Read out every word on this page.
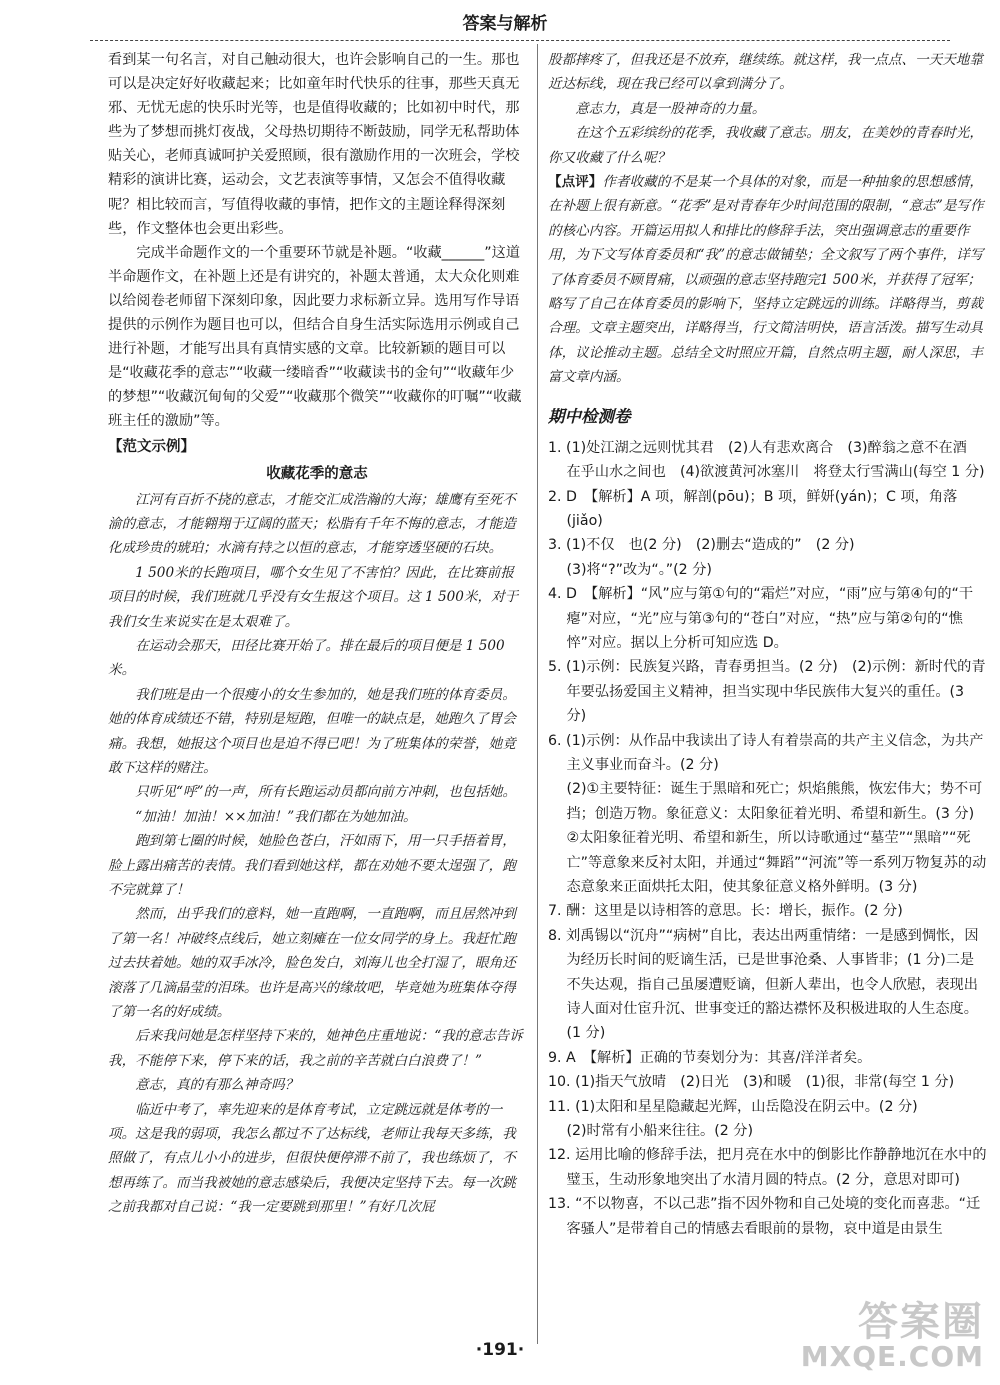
答案与解析

看到某一句名言，对自己触动很大，也许会影响自己的一生。那也可以是决定好好收藏起来；比如童年时代快乐的往事，那些天真无邪、无忧无虑的快乐时光等，也是值得收藏的；比如初中时代，那些为了梦想而挑灯夜战，父母热切期待不断鼓励，同学无私帮助体贴关心，老师真诚呵护关爱照顾，很有激励作用的一次班会，学校精彩的演讲比赛，运动会，文艺表演等事情，又怎会不值得收藏呢？相比较而言，写值得收藏的事情，把作文的主题诠释得深刻些，作文整体也会更出彩些。

完成半命题作文的一个重要环节就是补题。“收藏______”这道半命题作文，在补题上还是有讲究的，补题太普通，太大众化则难以给阅卷老师留下深刻印象，因此要力求标新立异。选用写作导语提供的示例作为题目也可以，但结合自身生活实际选用示例或自己进行补题，才能写出具有真情实感的文章。比较新颖的题目可以是“收藏花季的意志”“收藏一缕暗香”“收藏读书的金句”“收藏年少的梦想”“收藏沉甸甸的父爱”“收藏那个微笑”“收藏你的叮嘱”“收藏班主任的激励”等。

【范文示例】

收藏花季的意志

江河有百折不挠的意志，才能交汇成浩瀚的大海；雄鹰有至死不渝的意志，才能翱翔于辽阔的蓝天；松脂有千年不悔的意志，才能造化成珍贵的琥珀；水滴有持之以恒的意志，才能穿透坚硬的石块。

1 500米的长跑项目，哪个女生见了不害怕？因此，在比赛前报项目的时候，我们班就几乎没有女生报这个项目。这 1 500米，对于我们女生来说实在是太艰难了。

在运动会那天，田径比赛开始了。排在最后的项目便是 1 500米。

我们班是由一个很瘦小的女生参加的，她是我们班的体育委员。她的体育成绩还不错，特别是短跑，但唯一的缺点是，她跑久了胃会痛。我想，她报这个项目也是迫不得已吧！为了班集体的荣誉，她竟敢下这样的赌注。

只听见“呼”的一声，所有长跑运动员都向前方冲刺，也包括她。

“加油！加油！××加油！”我们都在为她加油。

跑到第七圈的时候，她脸色苍白，汗如雨下，用一只手捂着胃，脸上露出痛苦的表情。我们看到她这样，都在劝她不要太逞强了，跑不完就算了！

然而，出乎我们的意料，她一直跑啊，一直跑啊，而且居然冲到了第一名！冲破终点线后，她立刻瘫在一位女同学的身上。我赶忙跑过去扶着她。她的双手冰冷，脸色发白，刘海儿也全打湿了，眼角还滚落了几滴晶莹的泪珠。也许是高兴的缘故吧，毕竟她为班集体夺得了第一名的好成绩。

后来我问她是怎样坚持下来的，她神色庄重地说：“我的意志告诉我，不能停下来，停下来的话，我之前的辛苦就白白浪费了！”

意志，真的有那么神奇吗？

临近中考了，率先迎来的是体育考试，立定跳远就是体考的一项。这是我的弱项，我怎么都过不了达标线，老师让我每天多练，我照做了，有点儿小小的进步，但很快便停滞不前了，我也练烦了，不想再练了。而当我被她的意志感染后，我便决定坚持下去。每一次跳之前我都对自己说：“我一定要跳到那里！”有好几次屁

股都摔疼了，但我还是不放弃，继续练。就这样，我一点点、一天天地靠近达标线，现在我已经可以拿到满分了。

意志力，真是一股神奇的力量。

在这个五彩缤纷的花季，我收藏了意志。朋友，在美妙的青春时光，你又收藏了什么呢？

【点评】作者收藏的不是某一个具体的对象，而是一种抽象的思想感情，在补题上很有新意。“花季”是对青春年少时间范围的限制，“意志”是写作的核心内容。开篇运用拟人和排比的修辞手法，突出强调意志的重要作用，为下文写体育委员和“我”的意志做铺垫；全文叙写了两个事件，详写了体育委员不顾胃痛，以顽强的意志坚持跑完1 500米，并获得了冠军；略写了自己在体育委员的影响下，坚持立定跳远的训练。详略得当，剪裁合理。文章主题突出，详略得当，行文简洁明快，语言活泼。描写生动具体，议论推动主题。总结全文时照应开篇，自然点明主题，耐人深思，丰富文章内涵。

期中检测卷

1. (1)处江湖之远则忧其君　(2)人有悲欢离合　(3)醉翁之意不在酒　在乎山水之间也　(4)欲渡黄河冰塞川　将登太行雪满山(每空 1 分)

2. D　【解析】A 项，解剖(pōu)；B 项，鲜妍(yán)；C 项，角落(jiǎo)

3. (1)不仅　也(2 分)　(2)删去“造成的”　(2 分)

(3)将“?”改为“。”(2 分)

4. D　【解析】“风”应与第①句的“霜烂”对应，“雨”应与第④句的“干瘪”对应，“光”应与第③句的“苍白”对应，“热”应与第②句的“憔悴”对应。据以上分析可知应选 D。

5. (1)示例：民族复兴路，青春勇担当。(2 分)　(2)示例：新时代的青年要弘扬爱国主义精神，担当实现中华民族伟大复兴的重任。(3 分)

6. (1)示例：从作品中我读出了诗人有着崇高的共产主义信念，为共产主义事业而奋斗。(2 分)

(2)①主要特征：诞生于黑暗和死亡；炽焰熊熊，恢宏伟大；势不可挡；创造万物。象征意义：太阳象征着光明、希望和新生。(3 分)

②太阳象征着光明、希望和新生，所以诗歌通过“墓茔”“黑暗”“死亡”等意象来反衬太阳，并通过“舞蹈”“河流”等一系列万物复苏的动态意象来正面烘托太阳，使其象征意义格外鲜明。(3 分)

7. 酬：这里是以诗相答的意思。长：增长，振作。(2 分)

8. 刘禹锡以“沉舟”“病树”自比，表达出两重情绪：一是感到惆怅，因为经历长时间的贬谪生活，已是世事沧桑、人事皆非；(1 分)二是不失达观，指自己虽屡遭贬谪，但新人辈出，也令人欣慰，表现出诗人面对仕宦升沉、世事变迁的豁达襟怀及积极进取的人生态度。(1 分)

9. A　【解析】正确的节奏划分为：其喜/洋洋者矣。

10. (1)指天气放晴　(2)日光　(3)和暖　(1)很，非常(每空 1 分)

11. (1)太阳和星星隐藏起光辉，山岳隐没在阴云中。(2 分)

(2)时常有小船来往往。(2 分)

12. 运用比喻的修辞手法，把月亮在水中的倒影比作静静地沉在水中的璧玉，生动形象地突出了水清月圆的特点。(2 分，意思对即可)

13. “不以物喜，不以己悲”指不因外物和自己处境的变化而喜悲。“迁客骚人”是带着自己的情感去看眼前的景物，哀中道是由景生

·191·
答案圈
MXQE.COM
